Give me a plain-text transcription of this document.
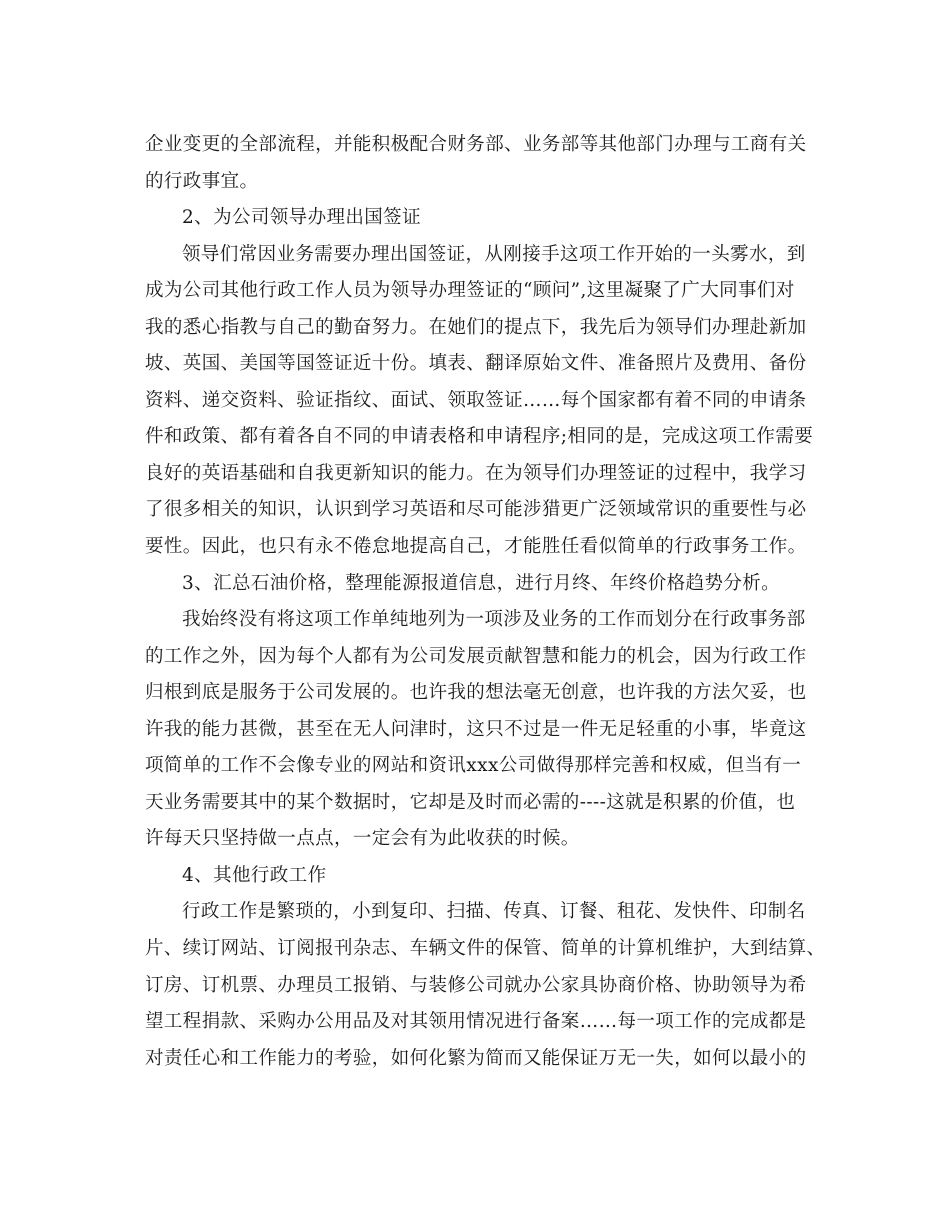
企业变更的全部流程，并能积极配合财务部、业务部等其他部门办理与工商有关
的行政事宜。
2、为公司领导办理出国签证
领导们常因业务需要办理出国签证，从刚接手这项工作开始的一头雾水，到
成为公司其他行政工作人员为领导办理签证的“顾问”,这里凝聚了广大同事们对
我的悉心指教与自己的勤奋努力。在她们的提点下，我先后为领导们办理赴新加
坡、英国、美国等国签证近十份。填表、翻译原始文件、准备照片及费用、备份
资料、递交资料、验证指纹、面试、领取签证……每个国家都有着不同的申请条
件和政策、都有着各自不同的申请表格和申请程序;相同的是，完成这项工作需要
良好的英语基础和自我更新知识的能力。在为领导们办理签证的过程中，我学习
了很多相关的知识，认识到学习英语和尽可能涉猎更广泛领域常识的重要性与必
要性。因此，也只有永不倦怠地提高自己，才能胜任看似简单的行政事务工作。
3、汇总石油价格，整理能源报道信息，进行月终、年终价格趋势分析。
我始终没有将这项工作单纯地列为一项涉及业务的工作而划分在行政事务部
的工作之外，因为每个人都有为公司发展贡献智慧和能力的机会，因为行政工作
归根到底是服务于公司发展的。也许我的想法毫无创意，也许我的方法欠妥，也
许我的能力甚微，甚至在无人问津时，这只不过是一件无足轻重的小事，毕竟这
项简单的工作不会像专业的网站和资讯xxx公司做得那样完善和权威，但当有一
天业务需要其中的某个数据时，它却是及时而必需的----这就是积累的价值，也
许每天只坚持做一点点，一定会有为此收获的时候。
4、其他行政工作
行政工作是繁琐的，小到复印、扫描、传真、订餐、租花、发快件、印制名
片、续订网站、订阅报刊杂志、车辆文件的保管、简单的计算机维护，大到结算、
订房、订机票、办理员工报销、与装修公司就办公家具协商价格、协助领导为希
望工程捐款、采购办公用品及对其领用情况进行备案……每一项工作的完成都是
对责任心和工作能力的考验，如何化繁为简而又能保证万无一失，如何以最小的
